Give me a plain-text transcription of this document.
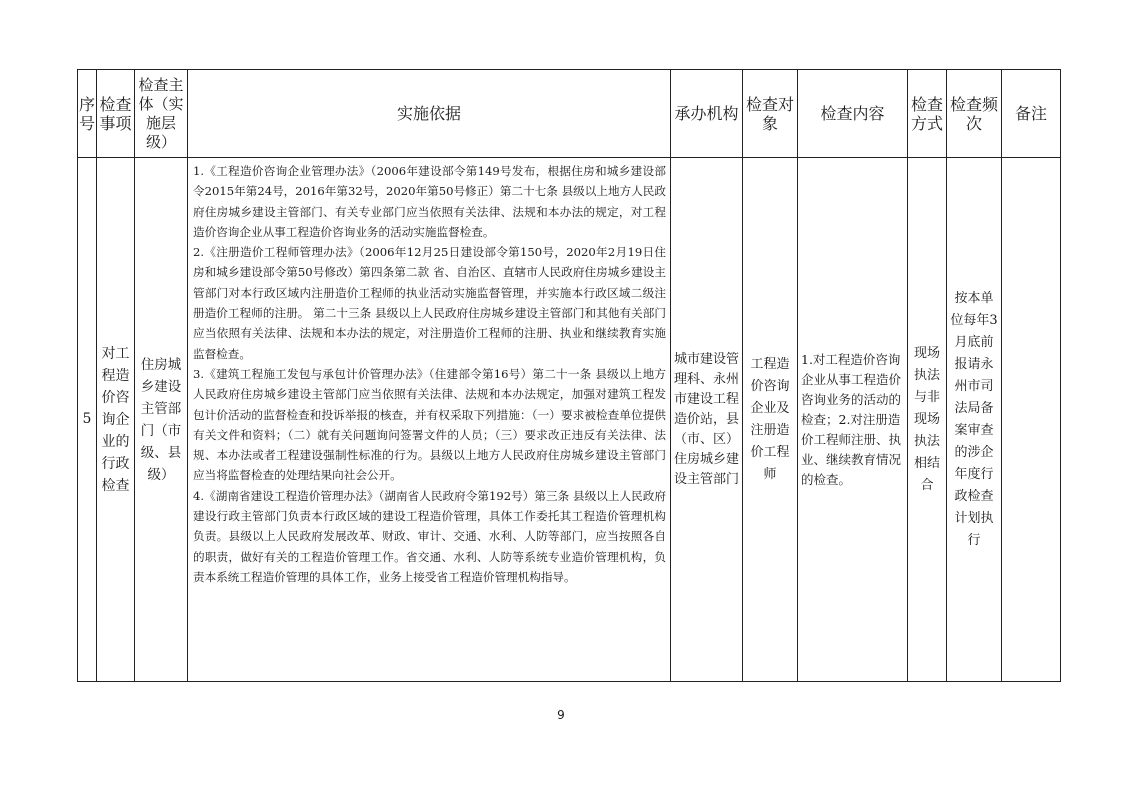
序号	检查事项	检查主体（实施层级）	实施依据	承办机构	检查对象	检查内容	检查方式	检查频次	备注
5	对工程造价咨询企业的行政检查	住房城乡建设主管部门（市级、县级）	1.《工程造价咨询企业管理办法》（2006年建设部令第149号发布，根据住房和城乡建设部令2015年第24号，2016年第32号，2020年第50号修正）第二十七条 县级以上地方人民政府住房城乡建设主管部门、有关专业部门应当依照有关法律、法规和本办法的规定，对工程造价咨询企业从事工程造价咨询业务的活动实施监督检查。

2.《注册造价工程师管理办法》（2006年12月25日建设部令第150号，2020年2月19日住房和城乡建设部令第50号修改）第四条第二款 省、自治区、直辖市人民政府住房城乡建设主管部门对本行政区域内注册造价工程师的执业活动实施监督管理，并实施本行政区域二级注册造价工程师的注册。 第二十三条 县级以上人民政府住房城乡建设主管部门和其他有关部门应当依照有关法律、法规和本办法的规定，对注册造价工程师的注册、执业和继续教育实施监督检查。

3.《建筑工程施工发包与承包计价管理办法》（住建部令第16号）第二十一条 县级以上地方人民政府住房城乡建设主管部门应当依照有关法律、法规和本办法规定，加强对建筑工程发包计价活动的监督检查和投诉举报的核查，并有权采取下列措施：（一）要求被检查单位提供有关文件和资料；（二）就有关问题询问签署文件的人员；（三）要求改正违反有关法律、法规、本办法或者工程建设强制性标准的行为。县级以上地方人民政府住房城乡建设主管部门应当将监督检查的处理结果向社会公开。

4.《湖南省建设工程造价管理办法》（湖南省人民政府令第192号）第三条 县级以上人民政府建设行政主管部门负责本行政区域的建设工程造价管理，具体工作委托其工程造价管理机构负责。县级以上人民政府发展改革、财政、审计、交通、水利、人防等部门，应当按照各自的职责，做好有关的工程造价管理工作。省交通、水利、人防等系统专业造价管理机构，负责本系统工程造价管理的具体工作，业务上接受省工程造价管理机构指导。	城市建设管理科、永州市建设工程造价站，县（市、区）住房城乡建设主管部门	工程造价咨询企业及注册造价工程师	1.对工程造价咨询企业从事工程造价咨询业务的活动的检查；2.对注册造价工程师注册、执业、继续教育情况的检查。	现场执法与非现场执法相结合	按本单位每年3月底前报请永州市司法局备案审查的涉企年度行政检查计划执行	
9
